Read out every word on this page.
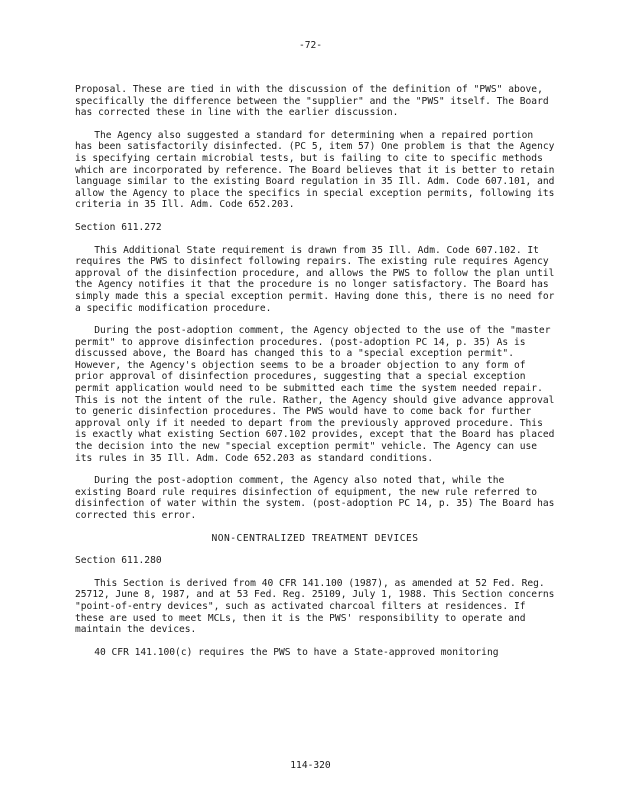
-72-

Proposal. These are tied in with the discussion of the definition of "PWS" above, specifically the difference between the "supplier" and the "PWS" itself. The Board has corrected these in line with the earlier discussion.

The Agency also suggested a standard for determining when a repaired portion has been satisfactorily disinfected. (PC 5, item 57) One problem is that the Agency is specifying certain microbial tests, but is failing to cite to specific methods which are incorporated by reference. The Board believes that it is better to retain language similar to the existing Board regulation in 35 Ill. Adm. Code 607.101, and allow the Agency to place the specifics in special exception permits, following its criteria in 35 Ill. Adm. Code 652.203.

Section 611.272

This Additional State requirement is drawn from 35 Ill. Adm. Code 607.102. It requires the PWS to disinfect following repairs. The existing rule requires Agency approval of the disinfection procedure, and allows the PWS to follow the plan until the Agency notifies it that the procedure is no longer satisfactory. The Board has simply made this a special exception permit. Having done this, there is no need for a specific modification procedure.

During the post-adoption comment, the Agency objected to the use of the "master permit" to approve disinfection procedures. (post-adoption PC 14, p. 35) As is discussed above, the Board has changed this to a "special exception permit". However, the Agency's objection seems to be a broader objection to any form of prior approval of disinfection procedures, suggesting that a special exception permit application would need to be submitted each time the system needed repair. This is not the intent of the rule. Rather, the Agency should give advance approval to generic disinfection procedures. The PWS would have to come back for further approval only if it needed to depart from the previously approved procedure. This is exactly what existing Section 607.102 provides, except that the Board has placed the decision into the new "special exception permit" vehicle. The Agency can use its rules in 35 Ill. Adm. Code 652.203 as standard conditions.

During the post-adoption comment, the Agency also noted that, while the existing Board rule requires disinfection of equipment, the new rule referred to disinfection of water within the system. (post-adoption PC 14, p. 35) The Board has corrected this error.

NON-CENTRALIZED TREATMENT DEVICES
Section 611.280

This Section is derived from 40 CFR 141.100 (1987), as amended at 52 Fed. Reg. 25712, June 8, 1987, and at 53 Fed. Reg. 25109, July 1, 1988. This Section concerns "point-of-entry devices", such as activated charcoal filters at residences. If these are used to meet MCLs, then it is the PWS' responsibility to operate and maintain the devices.

40 CFR 141.100(c) requires the PWS to have a State-approved monitoring

114-320
